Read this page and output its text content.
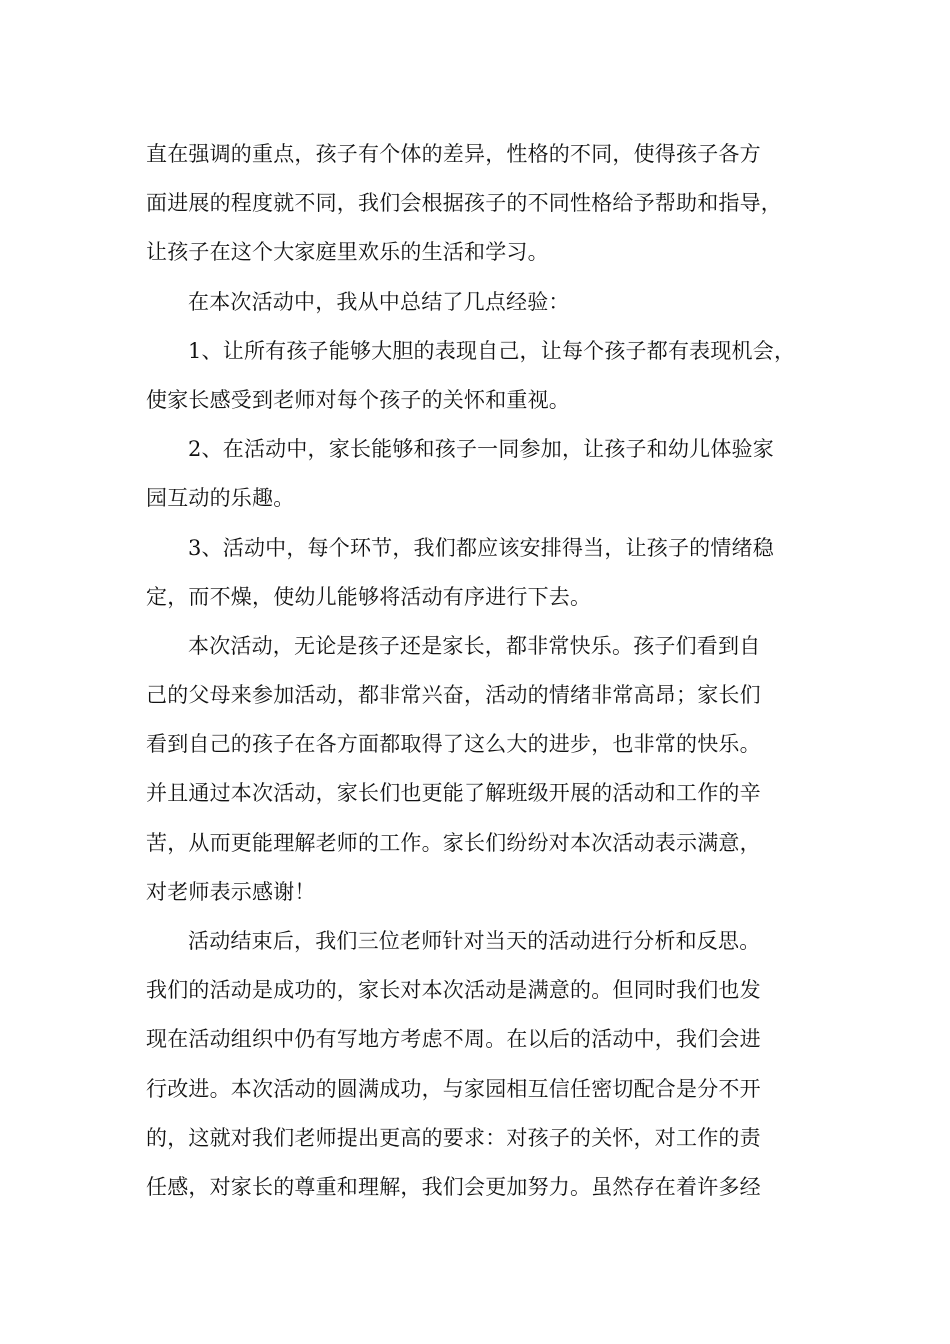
直在强调的重点，孩子有个体的差异，性格的不同，使得孩子各方
面进展的程度就不同，我们会根据孩子的不同性格给予帮助和指导，
让孩子在这个大家庭里欢乐的生活和学习。
在本次活动中，我从中总结了几点经验：
1、让所有孩子能够大胆的表现自己，让每个孩子都有表现机会，
使家长感受到老师对每个孩子的关怀和重视。
2、在活动中，家长能够和孩子一同参加，让孩子和幼儿体验家
园互动的乐趣。
3、活动中，每个环节，我们都应该安排得当，让孩子的情绪稳
定，而不燥，使幼儿能够将活动有序进行下去。
本次活动，无论是孩子还是家长，都非常快乐。孩子们看到自
己的父母来参加活动，都非常兴奋，活动的情绪非常高昂；家长们
看到自己的孩子在各方面都取得了这么大的进步，也非常的快乐。
并且通过本次活动，家长们也更能了解班级开展的活动和工作的辛
苦，从而更能理解老师的工作。家长们纷纷对本次活动表示满意，
对老师表示感谢！
活动结束后，我们三位老师针对当天的活动进行分析和反思。
我们的活动是成功的，家长对本次活动是满意的。但同时我们也发
现在活动组织中仍有写地方考虑不周。在以后的活动中，我们会进
行改进。本次活动的圆满成功，与家园相互信任密切配合是分不开
的，这就对我们老师提出更高的要求：对孩子的关怀，对工作的责
任感，对家长的尊重和理解，我们会更加努力。虽然存在着许多经
